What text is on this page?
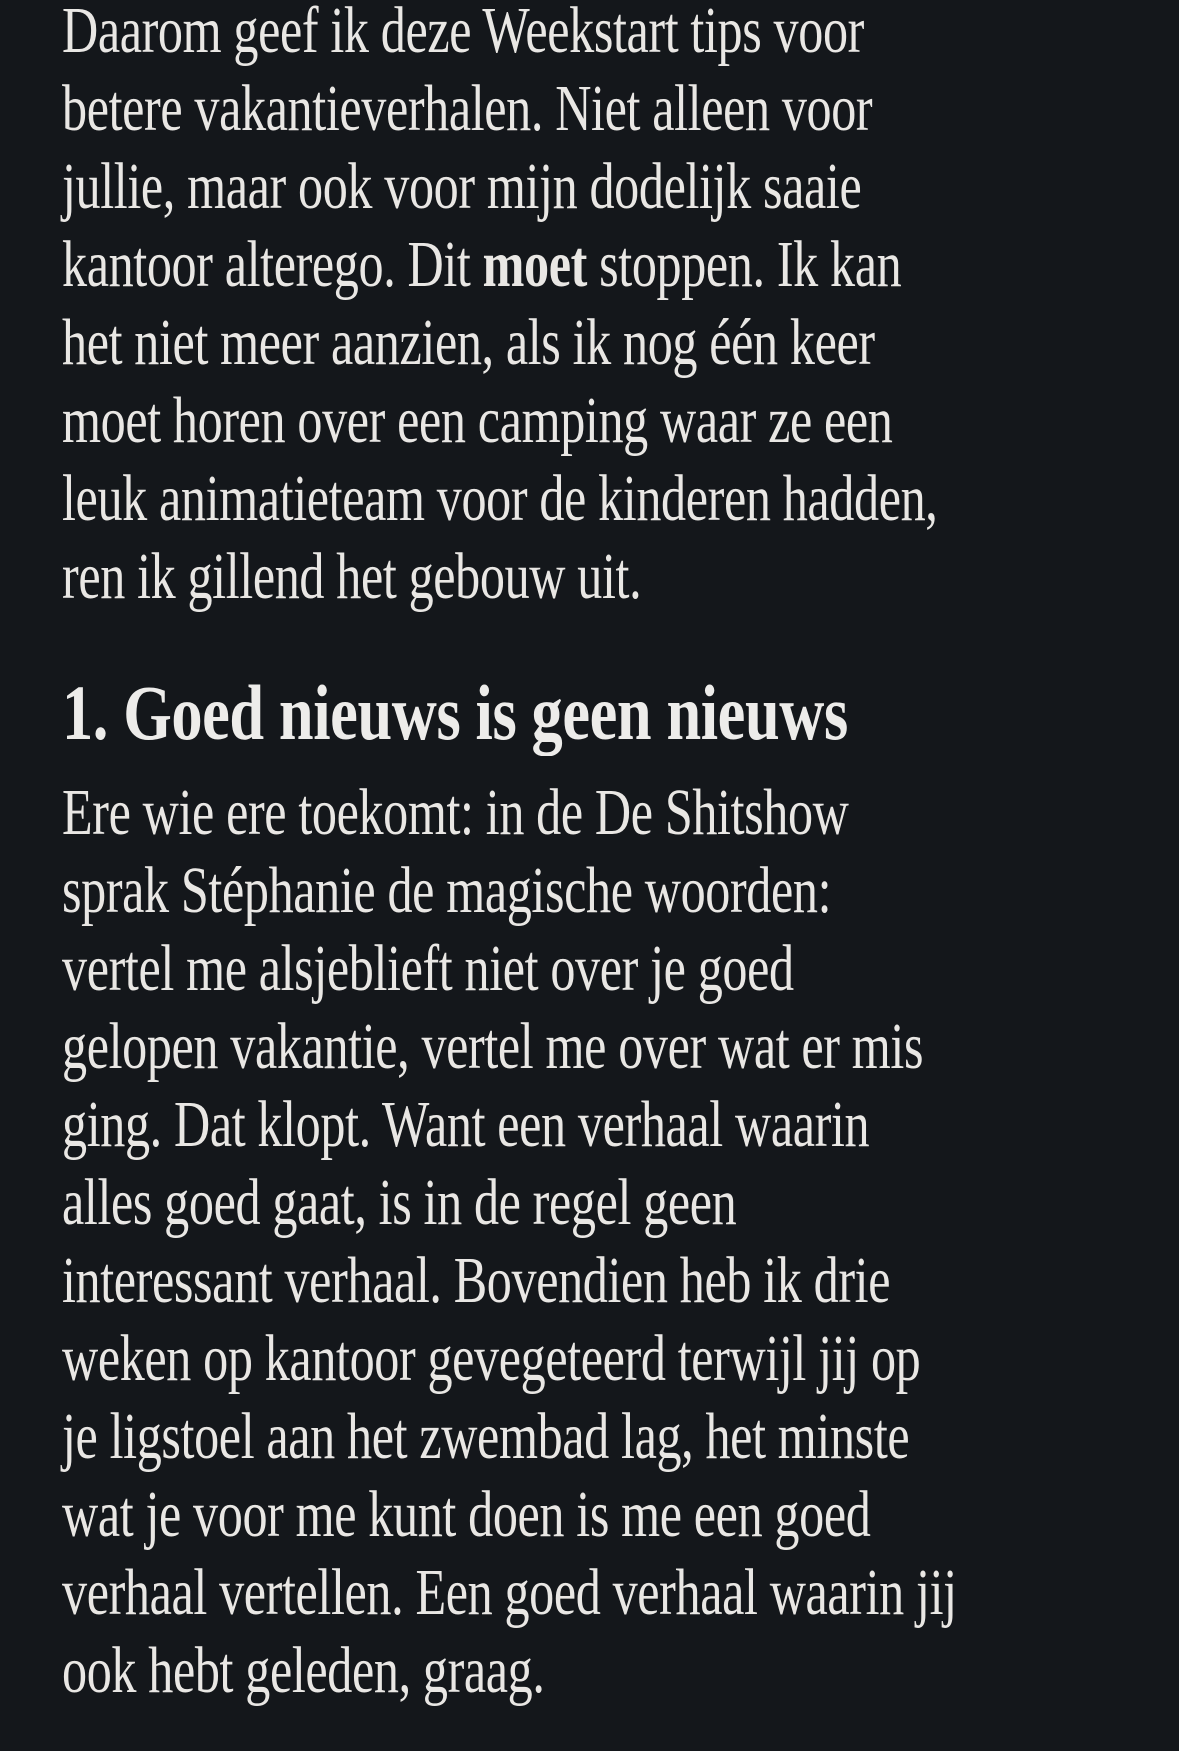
Daarom geef ik deze Weekstart tips voor
betere vakantieverhalen. Niet alleen voor
jullie, maar ook voor mijn dodelijk saaie
kantoor alterego. Dit moet stoppen. Ik kan
het niet meer aanzien, als ik nog één keer
moet horen over een camping waar ze een
leuk animatieteam voor de kinderen hadden,
ren ik gillend het gebouw uit.
1. Goed nieuws is geen nieuws
Ere wie ere toekomt: in de De Shitshow
sprak Stéphanie de magische woorden:
vertel me alsjeblieft niet over je goed
gelopen vakantie, vertel me over wat er mis
ging. Dat klopt. Want een verhaal waarin
alles goed gaat, is in de regel geen
interessant verhaal. Bovendien heb ik drie
weken op kantoor gevegeteerd terwijl jij op
je ligstoel aan het zwembad lag, het minste
wat je voor me kunt doen is me een goed
verhaal vertellen. Een goed verhaal waarin jij
ook hebt geleden, graag.
